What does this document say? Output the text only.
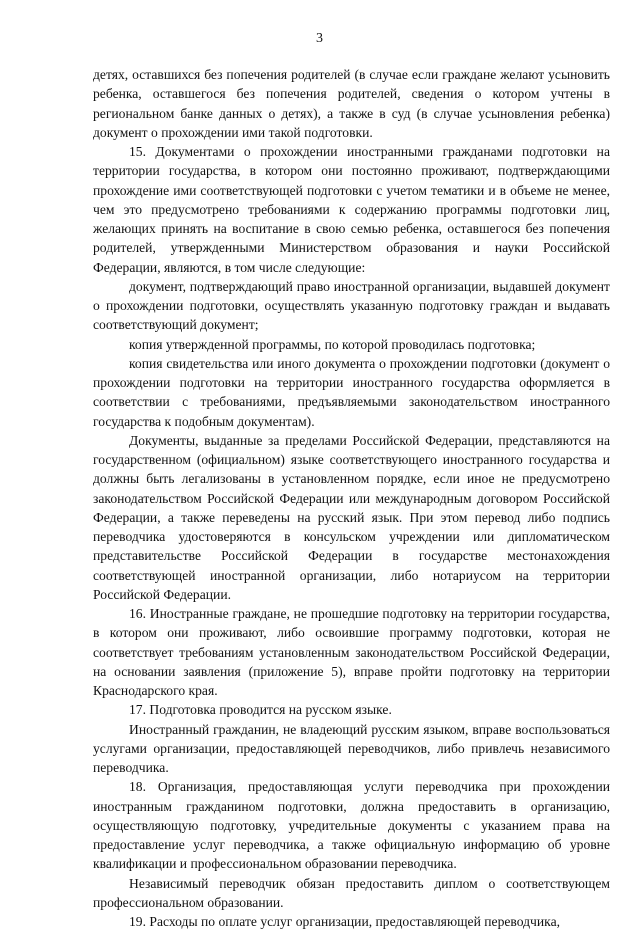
3

детях, оставшихся без попечения родителей (в случае если граждане желают усыновить ребенка, оставшегося без попечения родителей, сведения о котором учтены в региональном банке данных о детях), а также в суд (в случае усыновления ребенка) документ о прохождении ими такой подготовки.

15. Документами о прохождении иностранными гражданами подготовки на территории государства, в котором они постоянно проживают, подтверждающими прохождение ими соответствующей подготовки с учетом тематики и в объеме не менее, чем это предусмотрено требованиями к содержанию программы подготовки лиц, желающих принять на воспитание в свою семью ребенка, оставшегося без попечения родителей, утвержденными Министерством образования и науки Российской Федерации, являются, в том числе следующие:

документ, подтверждающий право иностранной организации, выдавшей документ о прохождении подготовки, осуществлять указанную подготовку граждан и выдавать соответствующий документ;

копия утвержденной программы, по которой проводилась подготовка;

копия свидетельства или иного документа о прохождении подготовки (документ о прохождении подготовки на территории иностранного государства оформляется в соответствии с требованиями, предъявляемыми законодательством иностранного государства к подобным документам).

Документы, выданные за пределами Российской Федерации, представляются на государственном (официальном) языке соответствующего иностранного государства и должны быть легализованы в установленном порядке, если иное не предусмотрено законодательством Российской Федерации или международным договором Российской Федерации, а также переведены на русский язык. При этом перевод либо подпись переводчика удостоверяются в консульском учреждении или дипломатическом представительстве Российской Федерации в государстве местонахождения соответствующей иностранной организации, либо нотариусом на территории Российской Федерации.

16. Иностранные граждане, не прошедшие подготовку на территории государства, в котором они проживают, либо освоившие программу подготовки, которая не соответствует требованиям установленным законодательством Российской Федерации, на основании заявления (приложение 5), вправе пройти подготовку на территории Краснодарского края.

17. Подготовка проводится на русском языке.

Иностранный гражданин, не владеющий русским языком, вправе воспользоваться услугами организации, предоставляющей переводчиков, либо привлечь независимого переводчика.

18. Организация, предоставляющая услуги переводчика при прохождении иностранным гражданином подготовки, должна предоставить в организацию, осуществляющую подготовку, учредительные документы с указанием права на предоставление услуг переводчика, а также официальную информацию об уровне квалификации и профессиональном образовании переводчика.

Независимый переводчик обязан предоставить диплом о соответствующем профессиональном образовании.

19. Расходы по оплате услуг организации, предоставляющей переводчика,
